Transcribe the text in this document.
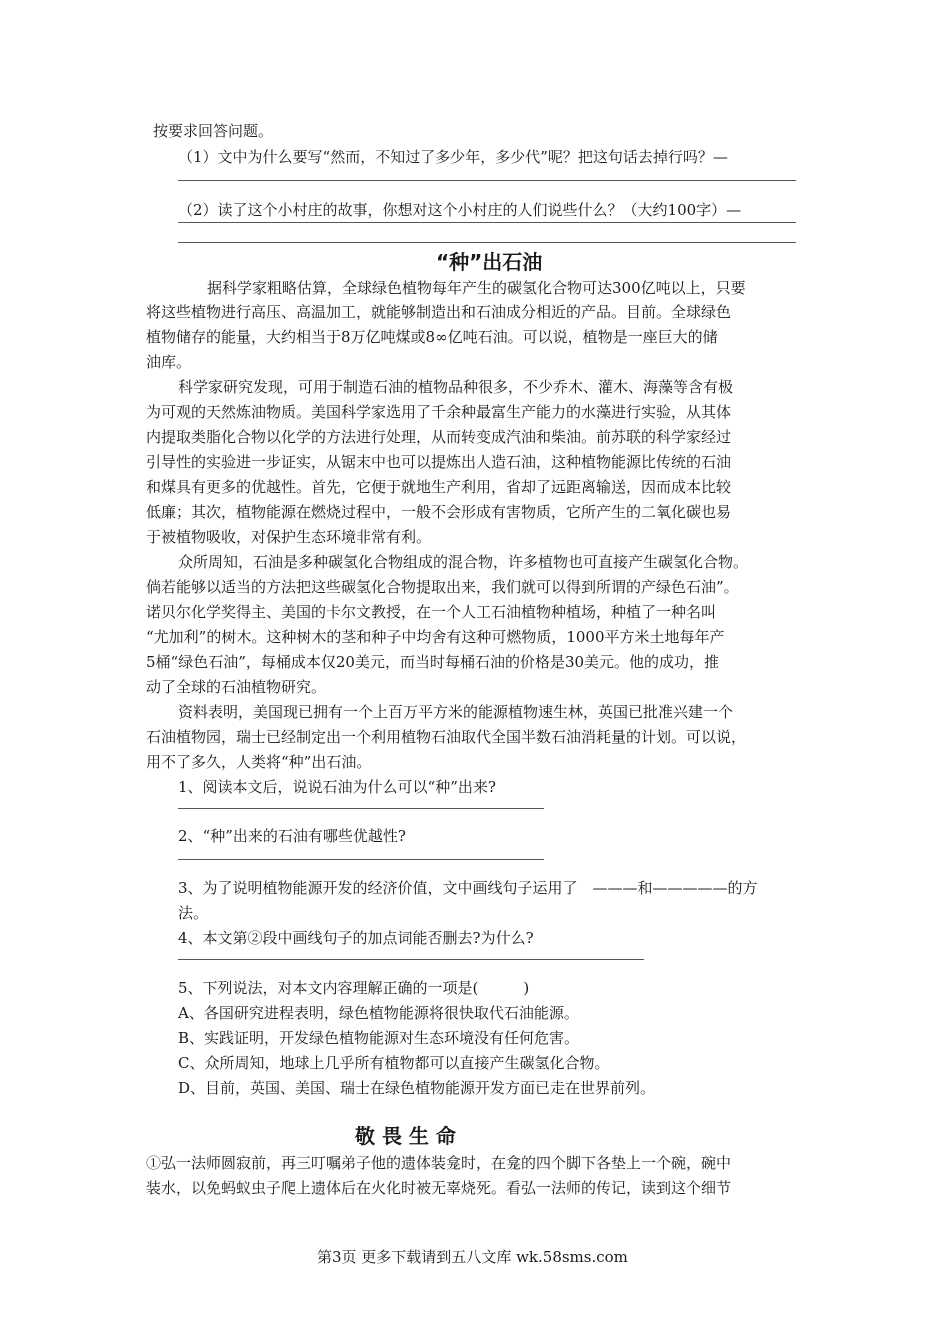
按要求回答问题。
（1）文中为什么要写“然而，不知过了多少年，多少代”呢？把这句话去掉行吗？—
（2）读了这个小村庄的故事，你想对这个小村庄的人们说些什么？（大约100字）—
“种”出石油
据科学家粗略估算，全球绿色植物每年产生的碳氢化合物可达300亿吨以上，只要
将这些植物进行高压、高温加工，就能够制造出和石油成分相近的产品。目前。全球绿色
植物储存的能量，大约相当于8万亿吨煤或8∞亿吨石油。可以说，植物是一座巨大的储
油库。
科学家研究发现，可用于制造石油的植物品种很多，不少乔木、灌木、海藻等含有极
为可观的天然炼油物质。美国科学家选用了千余种最富生产能力的水藻进行实验，从其体
内提取类脂化合物以化学的方法进行处理，从而转变成汽油和柴油。前苏联的科学家经过
引导性的实验进一步证实，从锯末中也可以提炼出人造石油，这种植物能源比传统的石油
和煤具有更多的优越性。首先，它便于就地生产利用，省却了远距离输送，因而成本比较
低廉；其次，植物能源在燃烧过程中，一般不会形成有害物质，它所产生的二氧化碳也易
于被植物吸收，对保护生态环境非常有利。
众所周知，石油是多种碳氢化合物组成的混合物，许多植物也可直接产生碳氢化合物。
倘若能够以适当的方法把这些碳氢化合物提取出来，我们就可以得到所谓的产绿色石油”。
诺贝尔化学奖得主、美国的卡尔文教授，在一个人工石油植物种植场，种植了一种名叫
“尤加利”的树木。这种树木的茎和种子中均舍有这种可燃物质，1000平方米土地每年产
5桶“绿色石油”，每桶成本仅20美元，而当时每桶石油的价格是30美元。他的成功，推
动了全球的石油植物研究。
资料表明，美国现已拥有一个上百万平方米的能源植物速生林，英国已批准兴建一个
石油植物园，瑞士已经制定出一个利用植物石油取代全国半数石油消耗量的计划。可以说，
用不了多久，人类将“种”出石油。
1、阅读本文后，说说石油为什么可以“种”出来?
2、“种”出来的石油有哪些优越性?
3、为了说明植物能源开发的经济价值，文中画线句子运用了　———和—————的方
法。
4、本文第②段中画线句子的加点词能否删去?为什么?
5、下列说法，对本文内容理解正确的一项是(　　　)
A、各国研究进程表明，绿色植物能源将很快取代石油能源。
B、实践证明，开发绿色植物能源对生态环境没有任何危害。
C、众所周知，地球上几乎所有植物都可以直接产生碳氢化合物。
D、目前，英国、美国、瑞士在绿色植物能源开发方面已走在世界前列。
敬 畏 生 命
①弘一法师圆寂前，再三叮嘱弟子他的遗体装龛时，在龛的四个脚下各垫上一个碗，碗中
装水，以免蚂蚁虫子爬上遗体后在火化时被无辜烧死。看弘一法师的传记，读到这个细节
第3页 更多下载请到五八文库 wk.58sms.com
